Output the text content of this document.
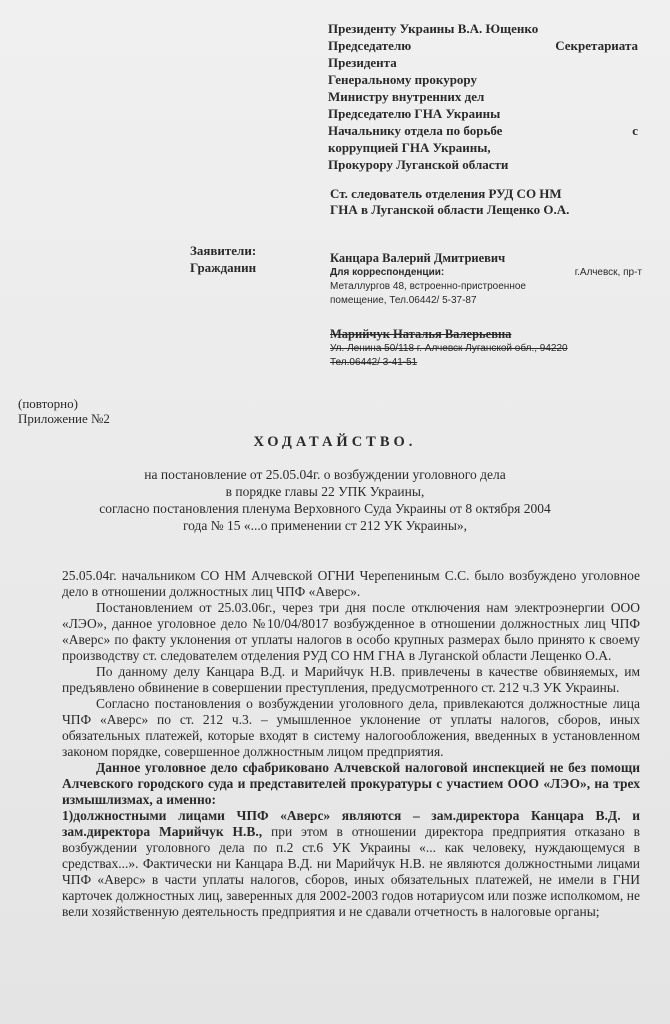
Президенту Украины В.А. Ющенко
Председателю	Секретариата
Президента
Генеральному прокурору
Министру внутренних дел
Председателю ГНА Украины
Начальнику отдела по борьбе	с
коррупцией ГНА Украины,
Прокурору Луганской области
Ст. следователь отделения РУД СО НМ
ГНА в Луганской области Лещенко О.А.
Заявители:
Гражданин
Канцара Валерий Дмитриевич
Для корреспонденции:	г.Алчевск, пр-т
Металлургов 48, встроенно-пристроенное
помещение, Тел.06442/ 5-37-87
Марийчук Наталья Валерьевна
Ул. Ленина 50/118 г. Алчевск Луганской обл., 94220
Тел.06442/ 3-41-51
(повторно)
Приложение №2
ХОДАТАЙСТВО.
на постановление от 25.05.04г. о возбуждении уголовного дела
в порядке главы 22 УПК Украины,
согласно постановления пленума Верховного Суда Украины от 8 октября 2004
года № 15 «...о применении ст 212 УК Украины»,

25.05.04г. начальником СО НМ Алчевской ОГНИ Черепениным С.С. было возбуждено уголовное дело в отношении должностных лиц ЧПФ «Аверс».

Постановлением от 25.03.06г., через три дня после отключения нам электроэнергии ООО «ЛЭО», данное уголовное дело №10/04/8017 возбужденное в отношении должностных лиц ЧПФ «Аверс» по факту уклонения от уплаты налогов в особо крупных размерах было принято к своему производству ст. следователем отделения РУД СО НМ ГНА в Луганской области Лещенко О.А.

По данному делу Канцара В.Д. и Марийчук Н.В. привлечены в качестве обвиняемых, им предъявлено обвинение в совершении преступления, предусмотренного ст. 212 ч.3 УК Украины.

Согласно постановления о возбуждении уголовного дела, привлекаются должностные лица ЧПФ «Аверс» по ст. 212 ч.3. – умышленное уклонение от уплаты налогов, сборов, иных обязательных платежей, которые входят в систему налогообложения, введенных в установленном законом порядке, совершенное должностным лицом предприятия.

Данное уголовное дело сфабриковано Алчевской налоговой инспекцией не без помощи Алчевского городского суда и представителей прокуратуры с участием ООО «ЛЭО», на трех измышлизмах, а именно:

1)должностными лицами ЧПФ «Аверс» являются – зам.директора Канцара В.Д. и зам.директора Марийчук Н.В., при этом в отношении директора предприятия отказано в возбуждении уголовного дела по п.2 ст.6 УК Украины «... как человеку, нуждающемуся в средствах...». Фактически ни Канцара В.Д. ни Марийчук Н.В. не являются должностными лицами ЧПФ «Аверс» в части уплаты налогов, сборов, иных обязательных платежей, не имели в ГНИ карточек должностных лиц, заверенных для 2002-2003 годов нотариусом или позже исполкомом, не вели хозяйственную деятельность предприятия и не сдавали отчетность в налоговые органы;
